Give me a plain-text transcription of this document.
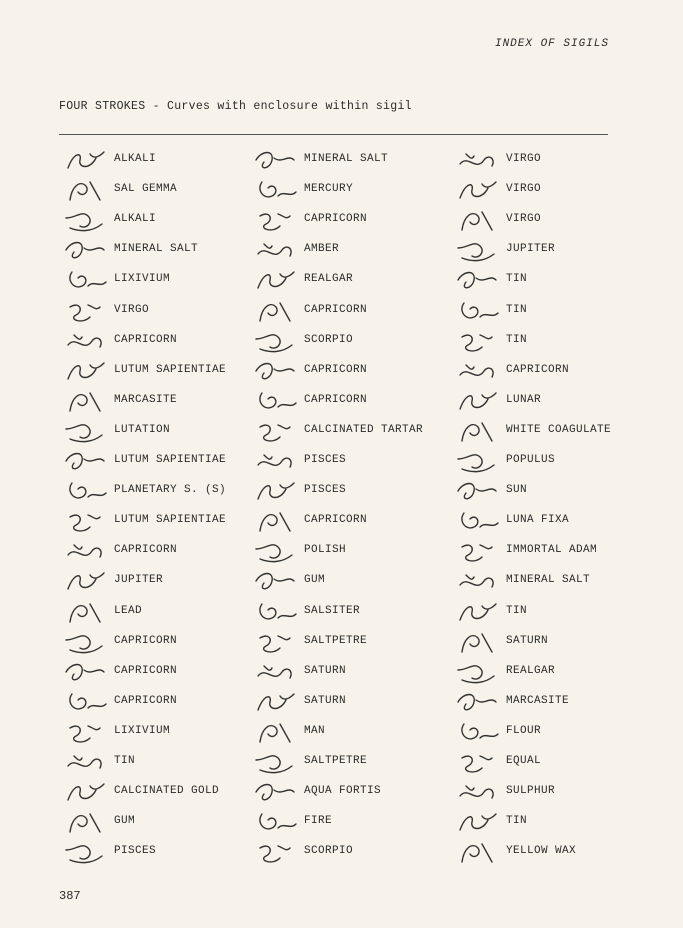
INDEX OF SIGILS
FOUR STROKES - Curves with enclosure within sigil
ALKALI
SAL GEMMA
ALKALI
MINERAL SALT
LIXIVIUM
VIRGO
CAPRICORN
LUTUM SAPIENTIAE
MARCASITE
LUTATION
LUTUM SAPIENTIAE
PLANETARY S. (S)
LUTUM SAPIENTIAE
CAPRICORN
JUPITER
LEAD
CAPRICORN
CAPRICORN
CAPRICORN
LIXIVIUM
TIN
CALCINATED GOLD
GUM
PISCES
MINERAL SALT
MERCURY
CAPRICORN
AMBER
REALGAR
CAPRICORN
SCORPIO
CAPRICORN
CAPRICORN
CALCINATED TARTAR
PISCES
PISCES
CAPRICORN
POLISH
GUM
SALSITER
SALTPETRE
SATURN
SATURN
MAN
SALTPETRE
AQUA FORTIS
FIRE
SCORPIO
VIRGO
VIRGO
VIRGO
JUPITER
TIN
TIN
TIN
CAPRICORN
LUNAR
WHITE COAGULATE
POPULUS
SUN
LUNA FIXA
IMMORTAL ADAM
MINERAL SALT
TIN
SATURN
REALGAR
MARCASITE
FLOUR
EQUAL
SULPHUR
TIN
YELLOW WAX
387
